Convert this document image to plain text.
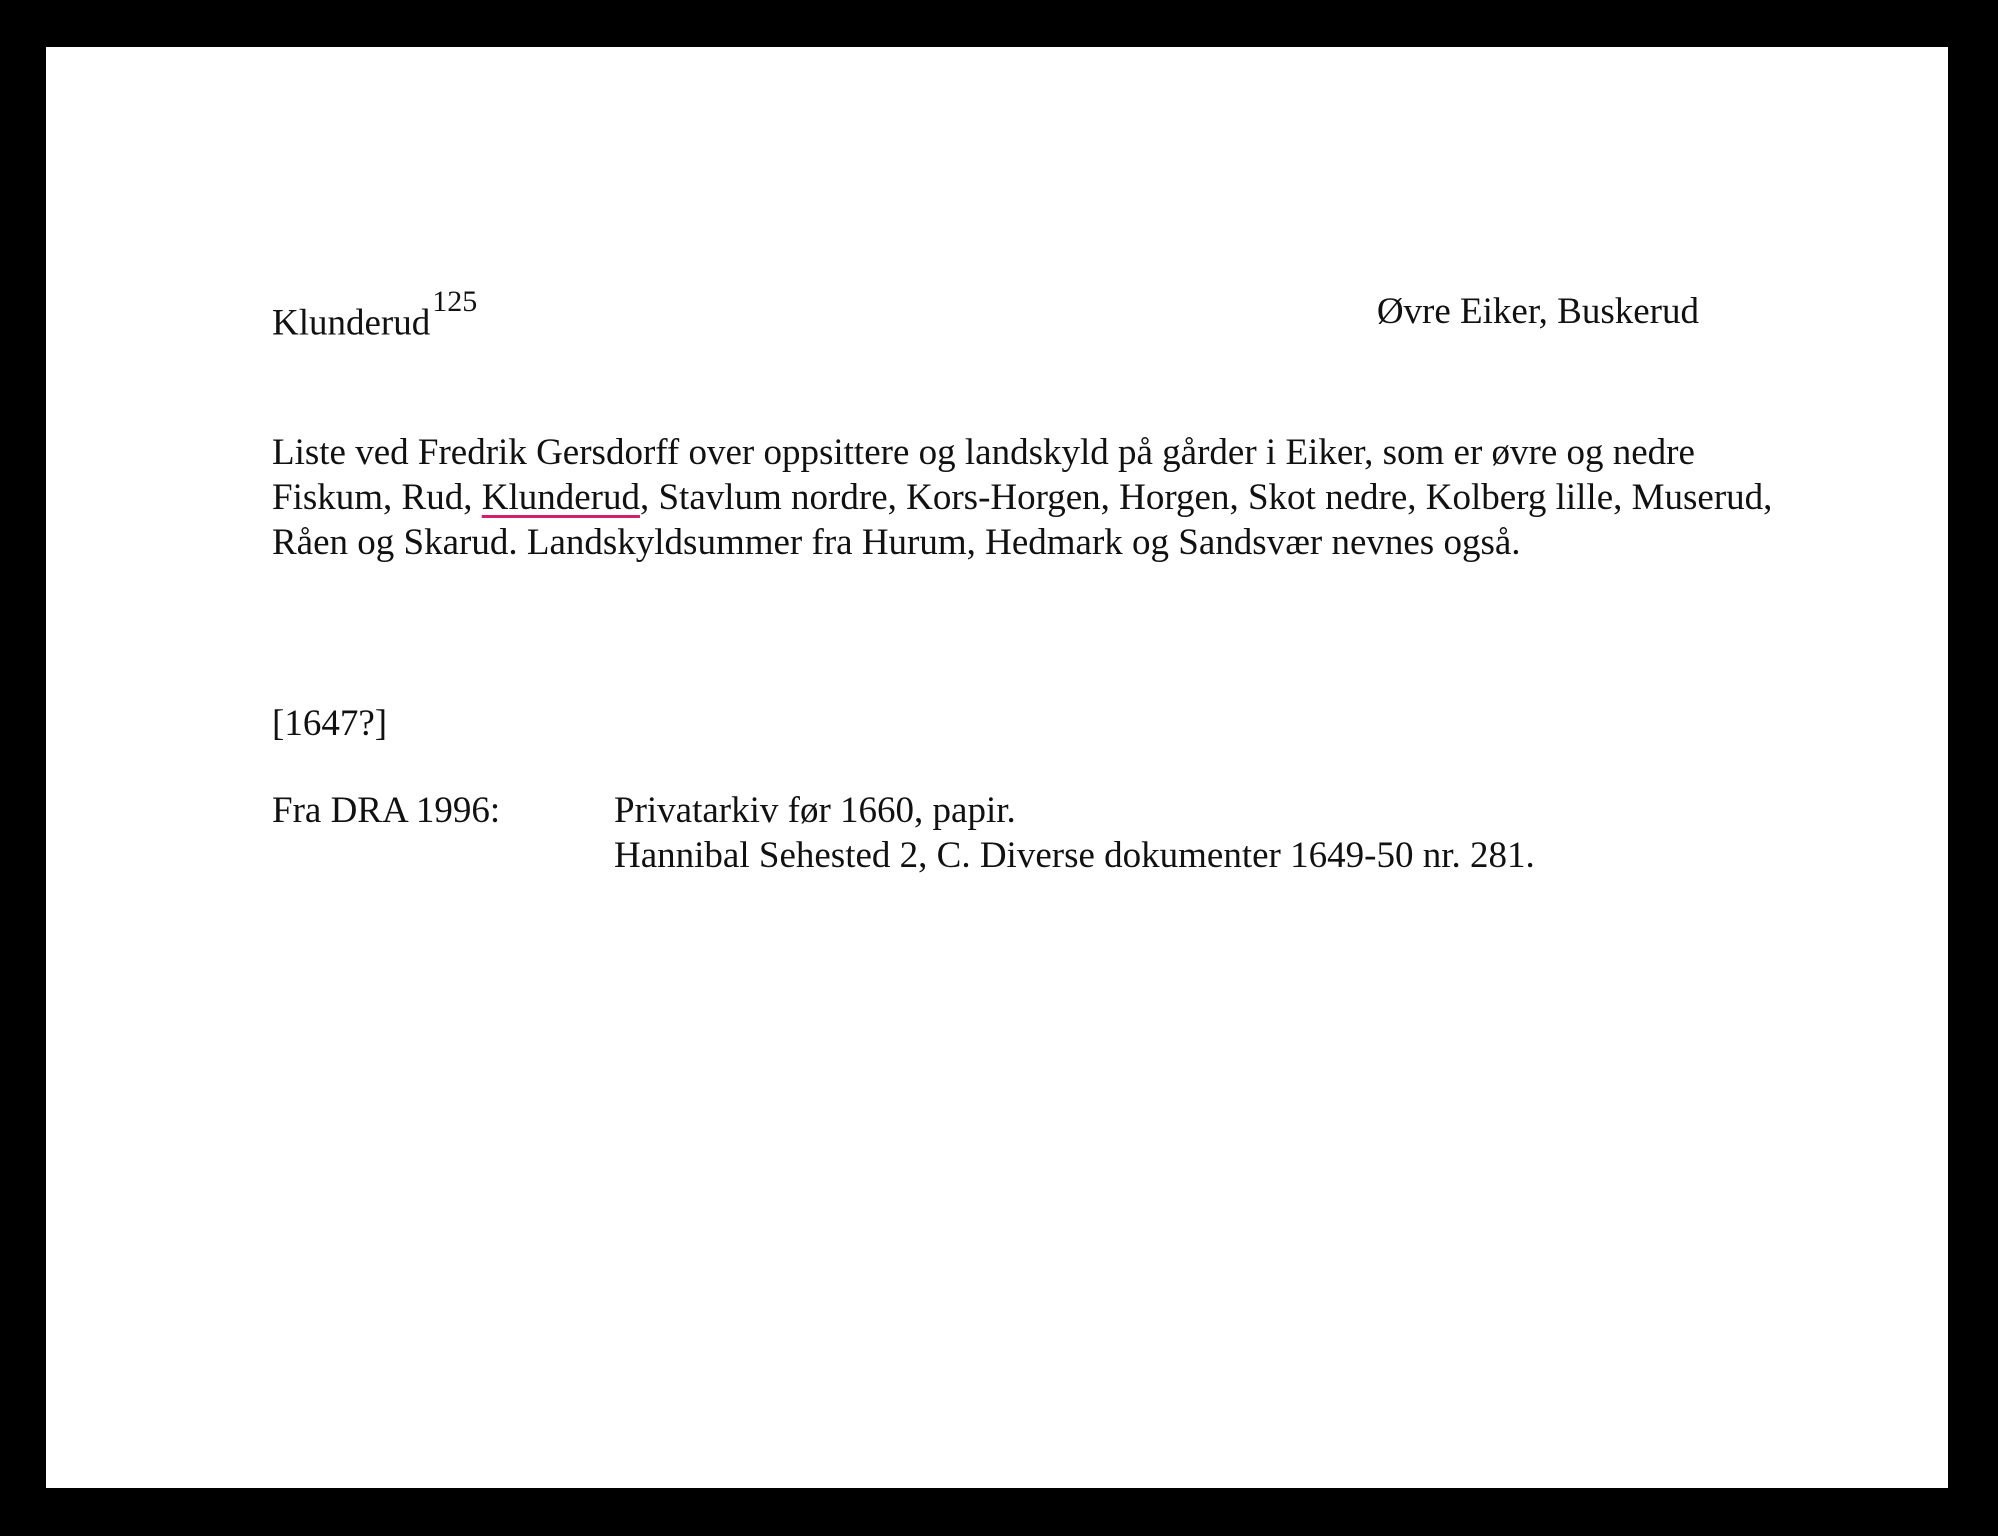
Klunderud$^{125}$	Øvre Eiker, Buskerud
Liste ved Fredrik Gersdorff over oppsittere og landskyld på gårder i Eiker, som er øvre og nedre Fiskum, Rud, Klunderud, Stavlum nordre, Kors-Horgen, Horgen, Skot nedre, Kolberg lille, Muserud, Råen og Skarud. Landskyldsummer fra Hurum, Hedmark og Sandsvær nevnes også.
[1647?]
Fra DRA 1996:	Privatarkiv før 1660, papir.
Hannibal Sehested 2, C. Diverse dokumenter 1649-50 nr. 281.
